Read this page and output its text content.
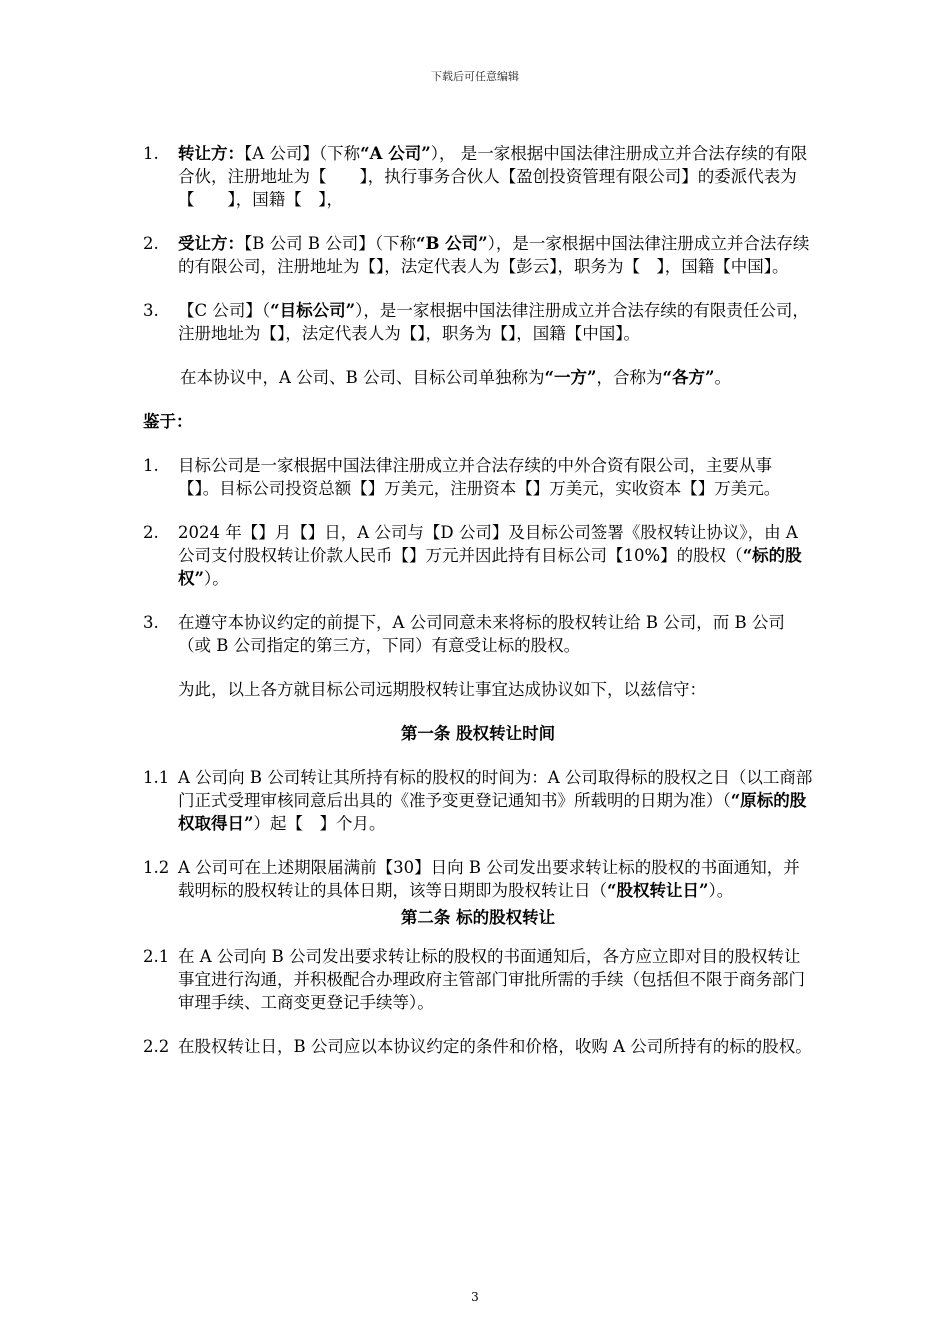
下载后可任意编辑
1. 转让方：【A 公司】（下称“A 公司”）， 是一家根据中国法律注册成立并合法存续的有限合伙，注册地址为【　　】，执行事务合伙人【盈创投资管理有限公司】的委派代表为【　　】，国籍【　】，
2. 受让方：【B 公司 B 公司】（下称“B 公司”），是一家根据中国法律注册成立并合法存续的有限公司，注册地址为【】，法定代表人为【彭云】，职务为【　】，国籍【中国】。
3. 【C 公司】（“目标公司”），是一家根据中国法律注册成立并合法存续的有限责任公司，注册地址为【】，法定代表人为【】，职务为【】，国籍【中国】。
在本协议中，A 公司、B 公司、目标公司单独称为“一方”，合称为“各方”。
鉴于：
1. 目标公司是一家根据中国法律注册成立并合法存续的中外合资有限公司，主要从事【】。目标公司投资总额【】万美元，注册资本【】万美元，实收资本【】万美元。
2. 2024 年【】月【】日，A 公司与【D 公司】及目标公司签署《股权转让协议》，由 A 公司支付股权转让价款人民币【】万元并因此持有目标公司【10%】的股权（“标的股权”）。
3. 在遵守本协议约定的前提下，A 公司同意未来将标的股权转让给 B 公司，而 B 公司（或 B 公司指定的第三方，下同）有意受让标的股权。
为此，以上各方就目标公司远期股权转让事宜达成协议如下，以兹信守：
第一条 股权转让时间
1.1 A 公司向 B 公司转让其所持有标的股权的时间为：A 公司取得标的股权之日（以工商部门正式受理审核同意后出具的《准予变更登记通知书》所载明的日期为准）（“原标的股权取得日”）起【　】个月。
1.2 A 公司可在上述期限届满前【30】日向 B 公司发出要求转让标的股权的书面通知，并载明标的股权转让的具体日期，该等日期即为股权转让日（“股权转让日”）。
第二条 标的股权转让
2.1 在 A 公司向 B 公司发出要求转让标的股权的书面通知后，各方应立即对目的股权转让事宜进行沟通，并积极配合办理政府主管部门审批所需的手续（包括但不限于商务部门审理手续、工商变更登记手续等）。
2.2 在股权转让日，B 公司应以本协议约定的条件和价格，收购 A 公司所持有的标的股权。
3
